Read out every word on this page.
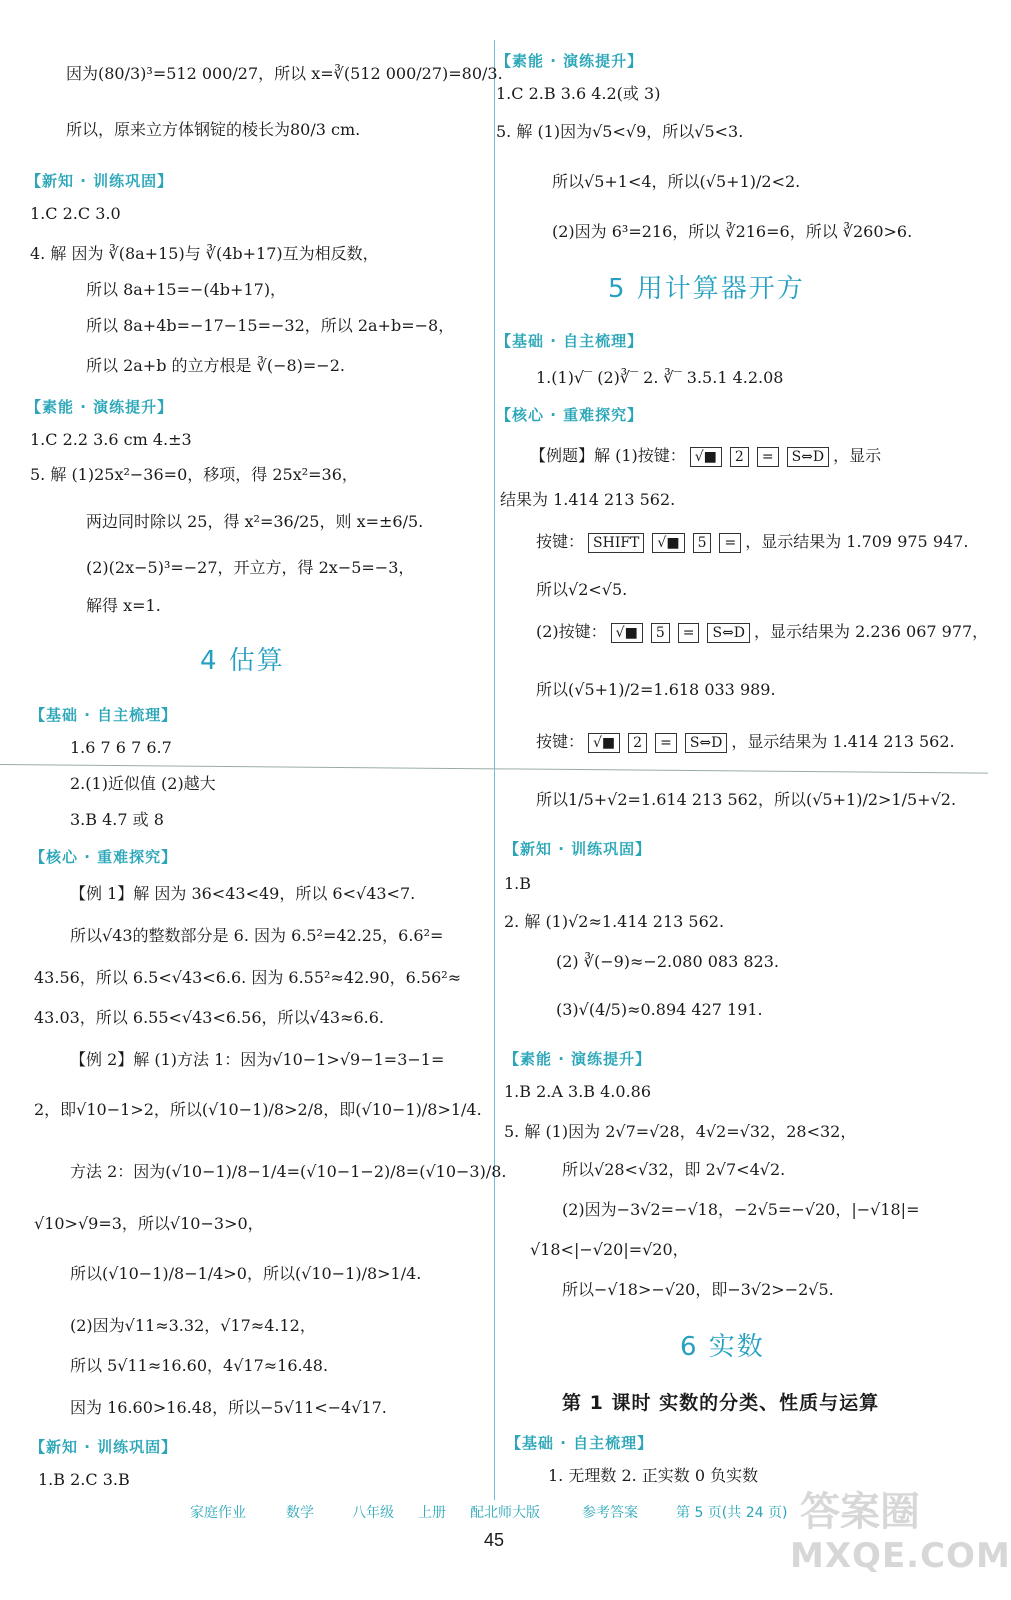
因为(80/3)³=512 000/27，所以 x=∛(512 000/27)=80/3.
所以，原来立方体钢锭的棱长为80/3 cm.
【新知 · 训练巩固】
1.C 2.C 3.0
4. 解 因为 ∛(8a+15)与 ∛(4b+17)互为相反数，
所以 8a+15=−(4b+17)，
所以 8a+4b=−17−15=−32，所以 2a+b=−8，
所以 2a+b 的立方根是 ∛(−8)=−2.
【素能 · 演练提升】
1.C 2.2 3.6 cm 4.±3
5. 解 (1)25x²−36=0，移项，得 25x²=36，
两边同时除以 25，得 x²=36/25，则 x=±6/5.
(2)(2x−5)³=−27，开立方，得 2x−5=−3，
解得 x=1.
4 估算
【基础 · 自主梳理】
1.6 7 6 7 6.7
2.(1)近似值 (2)越大
3.B 4.7 或 8
【核心 · 重难探究】
【例 1】解 因为 36<43<49，所以 6<√43<7.
所以√43的整数部分是 6. 因为 6.5²=42.25，6.6²=
43.56，所以 6.5<√43<6.6. 因为 6.55²≈42.90，6.56²≈
43.03，所以 6.55<√43<6.56，所以√43≈6.6.
【例 2】解 (1)方法 1：因为√10−1>√9−1=3−1=
2，即√10−1>2，所以(√10−1)/8>2/8，即(√10−1)/8>1/4.
方法 2：因为(√10−1)/8−1/4=(√10−1−2)/8=(√10−3)/8.
√10>√9=3，所以√10−3>0，
所以(√10−1)/8−1/4>0，所以(√10−1)/8>1/4.
(2)因为√11≈3.32，√17≈4.12，
所以 5√11≈16.60，4√17≈16.48.
因为 16.60>16.48，所以−5√11<−4√17.
【新知 · 训练巩固】
1.B 2.C 3.B
【素能 · 演练提升】
1.C 2.B 3.6 4.2(或 3)
5. 解 (1)因为√5<√9，所以√5<3.
所以√5+1<4，所以(√5+1)/2<2.
(2)因为 6³=216，所以 ∛216=6，所以 ∛260>6.
5 用计算器开方
【基础 · 自主梳理】
1.(1)√‾ (2)∛‾ 2. ∛‾ 3.5.1 4.2.08
【核心 · 重难探究】
【例题】解 (1)按键： √■ 2 = S⇔D ，显示
结果为 1.414 213 562.
按键： SHIFT √■ 5 = ，显示结果为 1.709 975 947.
所以√2<√5.
(2)按键： √■ 5 = S⇔D ，显示结果为 2.236 067 977，
所以(√5+1)/2=1.618 033 989.
按键： √■ 2 = S⇔D ，显示结果为 1.414 213 562.
所以1/5+√2=1.614 213 562，所以(√5+1)/2>1/5+√2.
【新知 · 训练巩固】
1.B
2. 解 (1)√2≈1.414 213 562.
(2) ∛(−9)≈−2.080 083 823.
(3)√(4/5)≈0.894 427 191.
【素能 · 演练提升】
1.B 2.A 3.B 4.0.86
5. 解 (1)因为 2√7=√28，4√2=√32，28<32，
所以√28<√32，即 2√7<4√2.
(2)因为−3√2=−√18，−2√5=−√20，|−√18|=
√18<|−√20|=√20，
所以−√18>−√20，即−3√2>−2√5.
6 实数
第 1 课时 实数的分类、性质与运算
【基础 · 自主梳理】
1. 无理数 2. 正实数 0 负实数
家庭作业	数学	八年级 上册 配北师大版	参考答案	第 5 页(共 24 页)
45
答案圈
MXQE.COM
